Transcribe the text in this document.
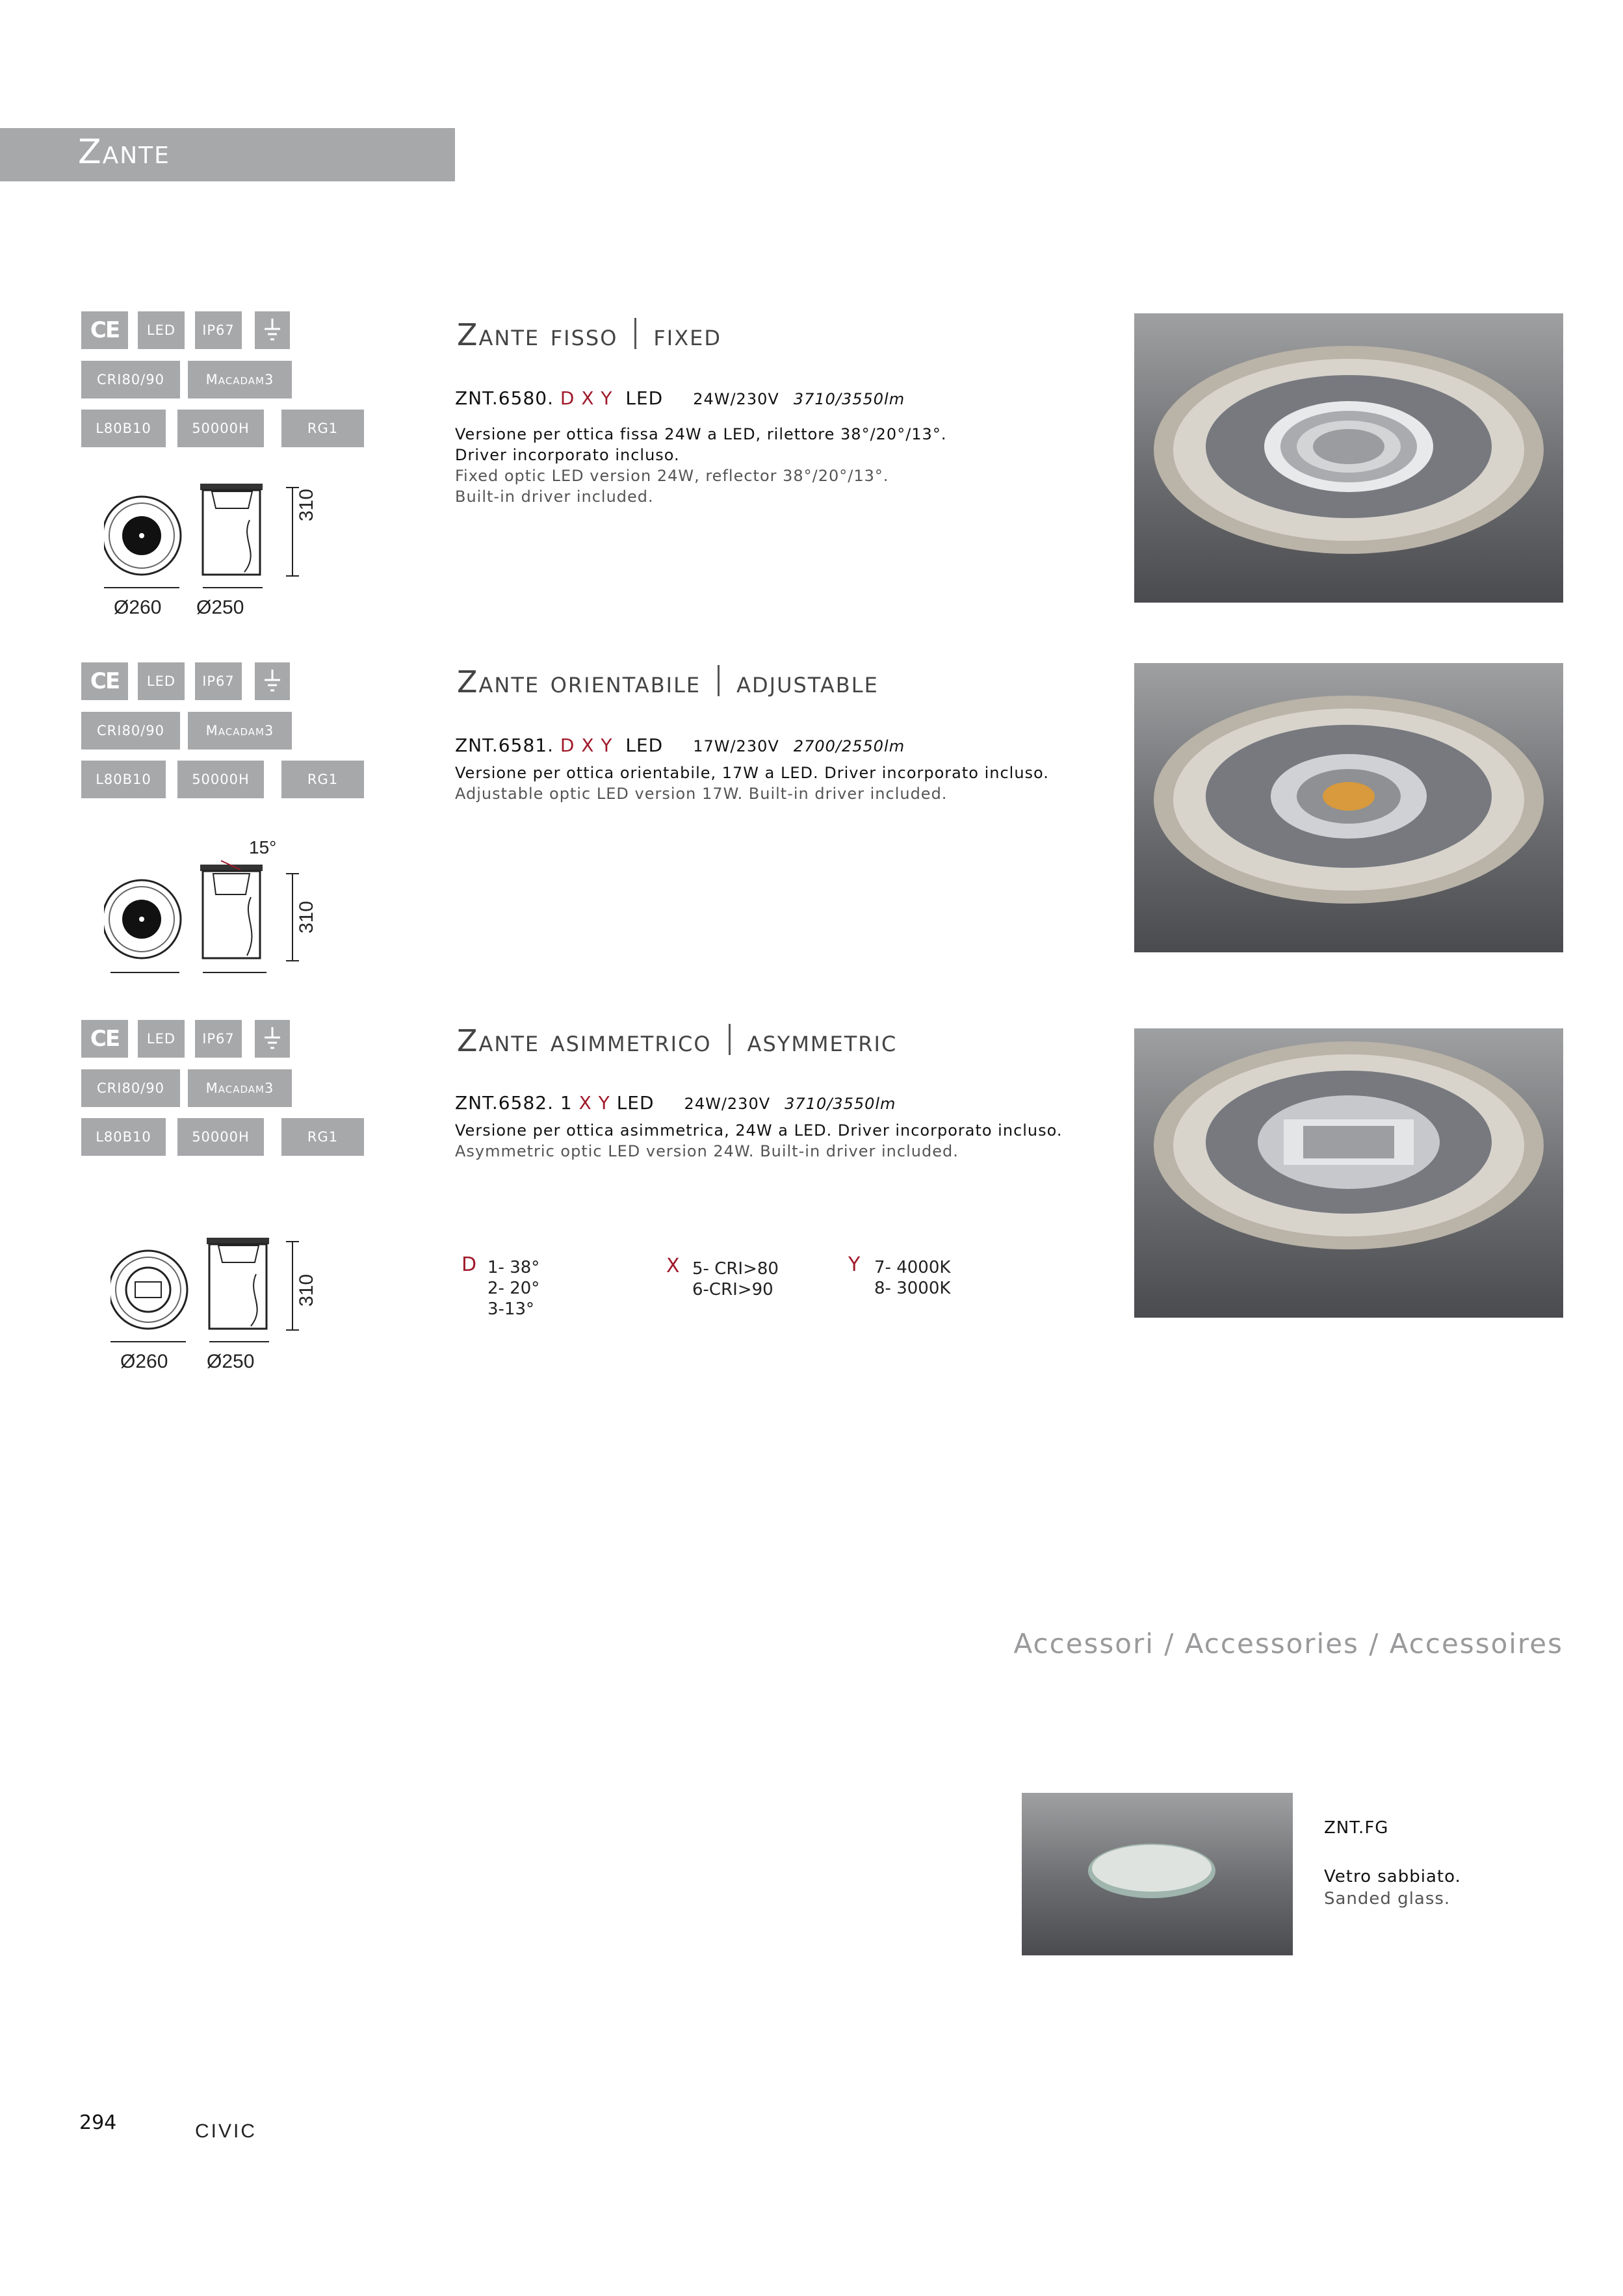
Zante
CE LED IP67
CRI80/90	Macadam3
L80B10	50000H	RG1
310
Ø260 Ø250
Zante fisso fixed
ZNT.6580. D X Y LED 24W/230V 3710/3550lm
Versione per ottica fissa 24W a LED, rilettore 38°/20°/13°.
Driver incorporato incluso.
Fixed optic LED version 24W, reflector 38°/20°/13°.
Built-in driver included.
CE LED IP67
CRI80/90	Macadam3
L80B10	50000H	RG1
15°
310
Zante orientabile adjustable
ZNT.6581. D X Y LED 17W/230V 2700/2550lm
Versione per ottica orientabile, 17W a LED. Driver incorporato incluso.
Adjustable optic LED version 17W. Built-in driver included.
CE LED IP67
CRI80/90	Macadam3
L80B10	50000H	RG1
310
Ø260 Ø250
Zante asimmetrico asymmetric
ZNT.6582. 1 X Y LED 24W/230V 3710/3550lm
Versione per ottica asimmetrica, 24W a LED. Driver incorporato incluso.
Asymmetric optic LED version 24W. Built-in driver included.
D 1- 38°
2- 20°
3-13°
X 5- CRI>80
6-CRI>90
Y 7- 4000K
8- 3000K
Accessori / Accessories / Accessoires
ZNT.FG
Vetro sabbiato.
Sanded glass.
294	CIVIC
